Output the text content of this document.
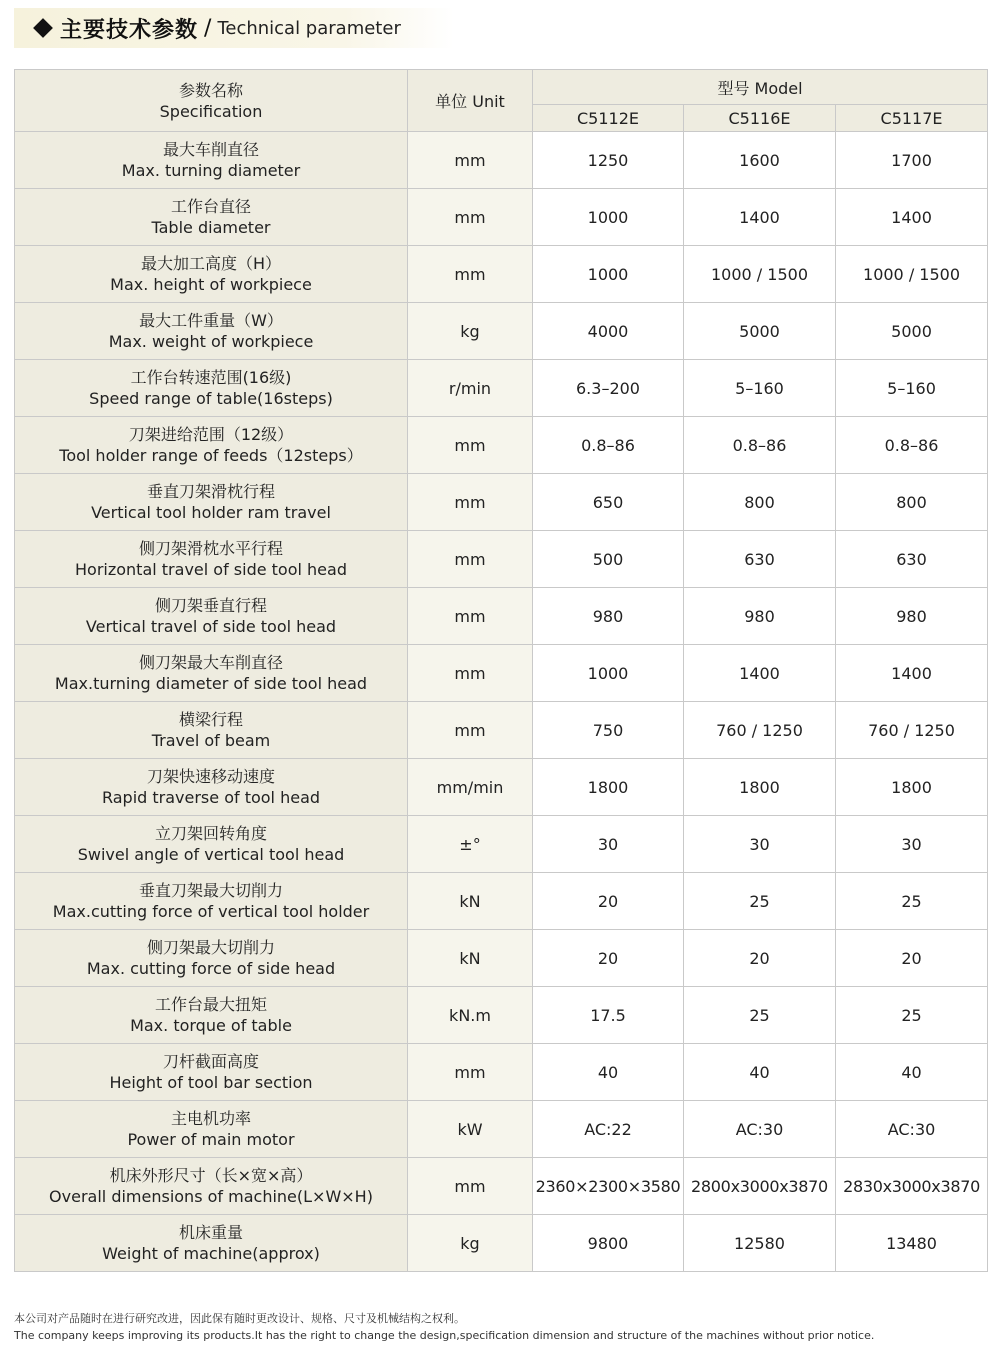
主要技术参数 / Technical parameter
参数名称
Specification	单位 Unit	型号 Model		
		C5112E	C5116E	C5117E

最大车削直径
Max. turning diameter	mm	1250	1600	1700

工作台直径
Table diameter	mm	1000	1400	1400

最大加工高度（H）
Max. height of workpiece	mm	1000	1000 / 1500	1000 / 1500

最大工件重量（W）
Max. weight of workpiece	kg	4000	5000	5000

工作台转速范围(16级)
Speed range of table(16steps)	r/min	6.3–200	5–160	5–160

刀架进给范围（12级）
Tool holder range of feeds（12steps）	mm	0.8–86	0.8–86	0.8–86

垂直刀架滑枕行程
Vertical tool holder ram travel	mm	650	800	800

侧刀架滑枕水平行程
Horizontal travel of side tool head	mm	500	630	630

侧刀架垂直行程
Vertical travel of side tool head	mm	980	980	980

侧刀架最大车削直径
Max.turning diameter of side tool head	mm	1000	1400	1400

横梁行程
Travel of beam	mm	750	760 / 1250	760 / 1250

刀架快速移动速度
Rapid traverse of tool head	mm/min	1800	1800	1800

立刀架回转角度
Swivel angle of vertical tool head	±°	30	30	30

垂直刀架最大切削力
Max.cutting force of vertical tool holder	kN	20	25	25

侧刀架最大切削力
Max. cutting force of side head	kN	20	20	20

工作台最大扭矩
Max. torque of table	kN.m	17.5	25	25

刀杆截面高度
Height of tool bar section	mm	40	40	40

主电机功率
Power of main motor	kW	AC:22	AC:30	AC:30

机床外形尺寸（长×宽×高）
Overall dimensions of machine(L×W×H)	mm	2360×2300×3580	2800x3000x3870	2830x3000x3870

机床重量
Weight of machine(approx)	kg	9800	12580	13480
本公司对产品随时在进行研究改进，因此保有随时更改设计、规格、尺寸及机械结构之权利。
The company keeps improving its products.It has the right to change the design,specification dimension and structure of the machines without prior notice.
